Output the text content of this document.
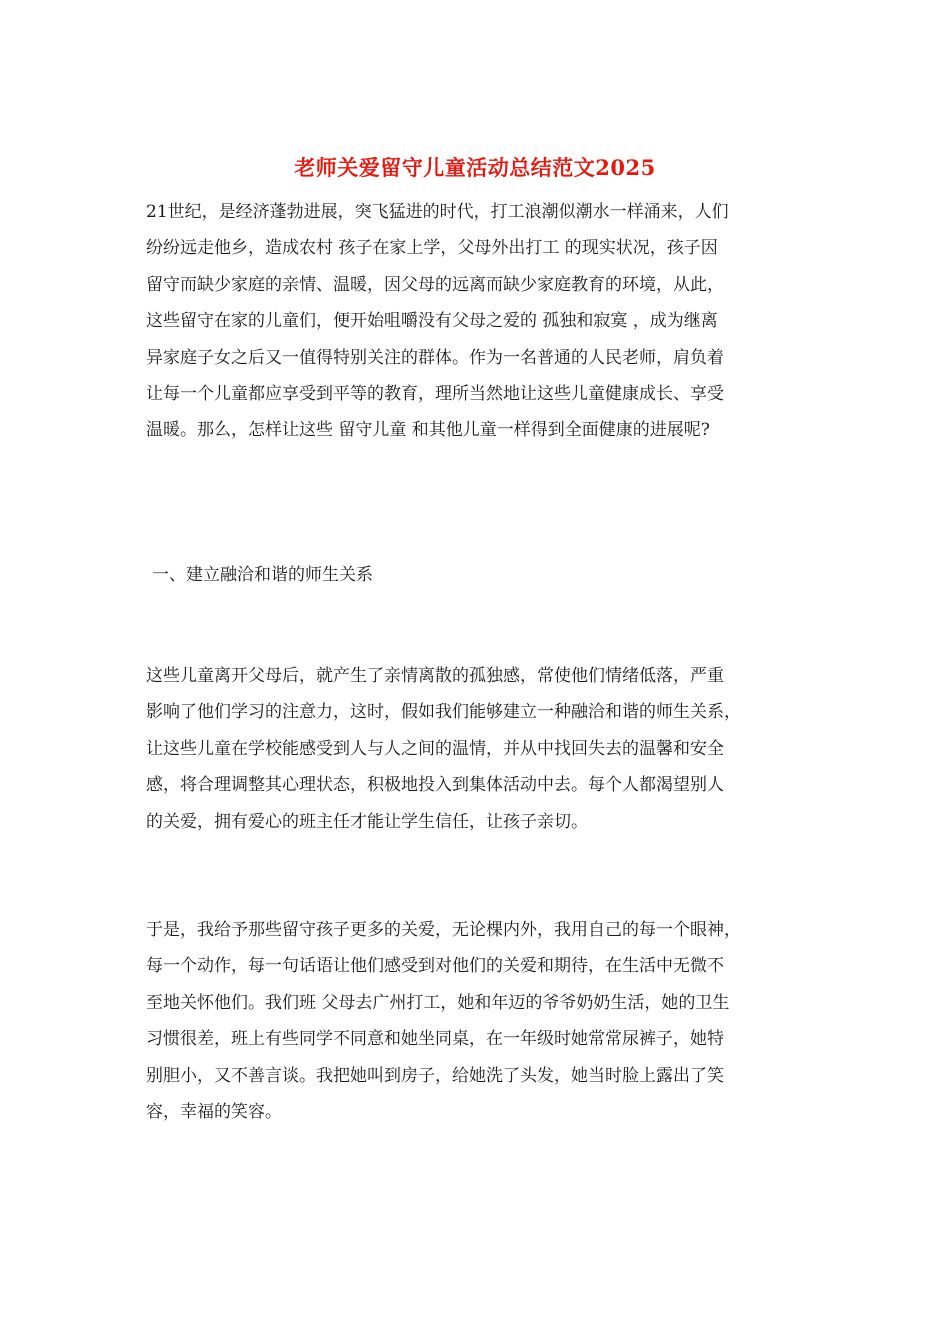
老师关爱留守儿童活动总结范文2025
21世纪，是经济蓬勃进展，突飞猛进的时代，打工浪潮似潮水一样涌来，人们
纷纷远走他乡，造成农村 孩子在家上学，父母外出打工 的现实状况，孩子因
留守而缺少家庭的亲情、温暖，因父母的远离而缺少家庭教育的环境，从此，
这些留守在家的儿童们，便开始咀嚼没有父母之爱的 孤独和寂寞 ，成为继离
异家庭子女之后又一值得特别关注的群体。作为一名普通的人民老师，肩负着
让每一个儿童都应享受到平等的教育，理所当然地让这些儿童健康成长、享受
温暖。那么，怎样让这些 留守儿童 和其他儿童一样得到全面健康的进展呢?
一、建立融洽和谐的师生关系
这些儿童离开父母后，就产生了亲情离散的孤独感，常使他们情绪低落，严重
影响了他们学习的注意力，这时，假如我们能够建立一种融洽和谐的师生关系，
让这些儿童在学校能感受到人与人之间的温情，并从中找回失去的温馨和安全
感，将合理调整其心理状态，积极地投入到集体活动中去。每个人都渴望别人
的关爱，拥有爱心的班主任才能让学生信任，让孩子亲切。
于是，我给予那些留守孩子更多的关爱，无论棵内外，我用自己的每一个眼神，
每一个动作，每一句话语让他们感受到对他们的关爱和期待，在生活中无微不
至地关怀他们。我们班 父母去广州打工，她和年迈的爷爷奶奶生活，她的卫生
习惯很差，班上有些同学不同意和她坐同桌，在一年级时她常常尿裤子，她特
别胆小，又不善言谈。我把她叫到房子，给她洗了头发，她当时脸上露出了笑
容，幸福的笑容。
